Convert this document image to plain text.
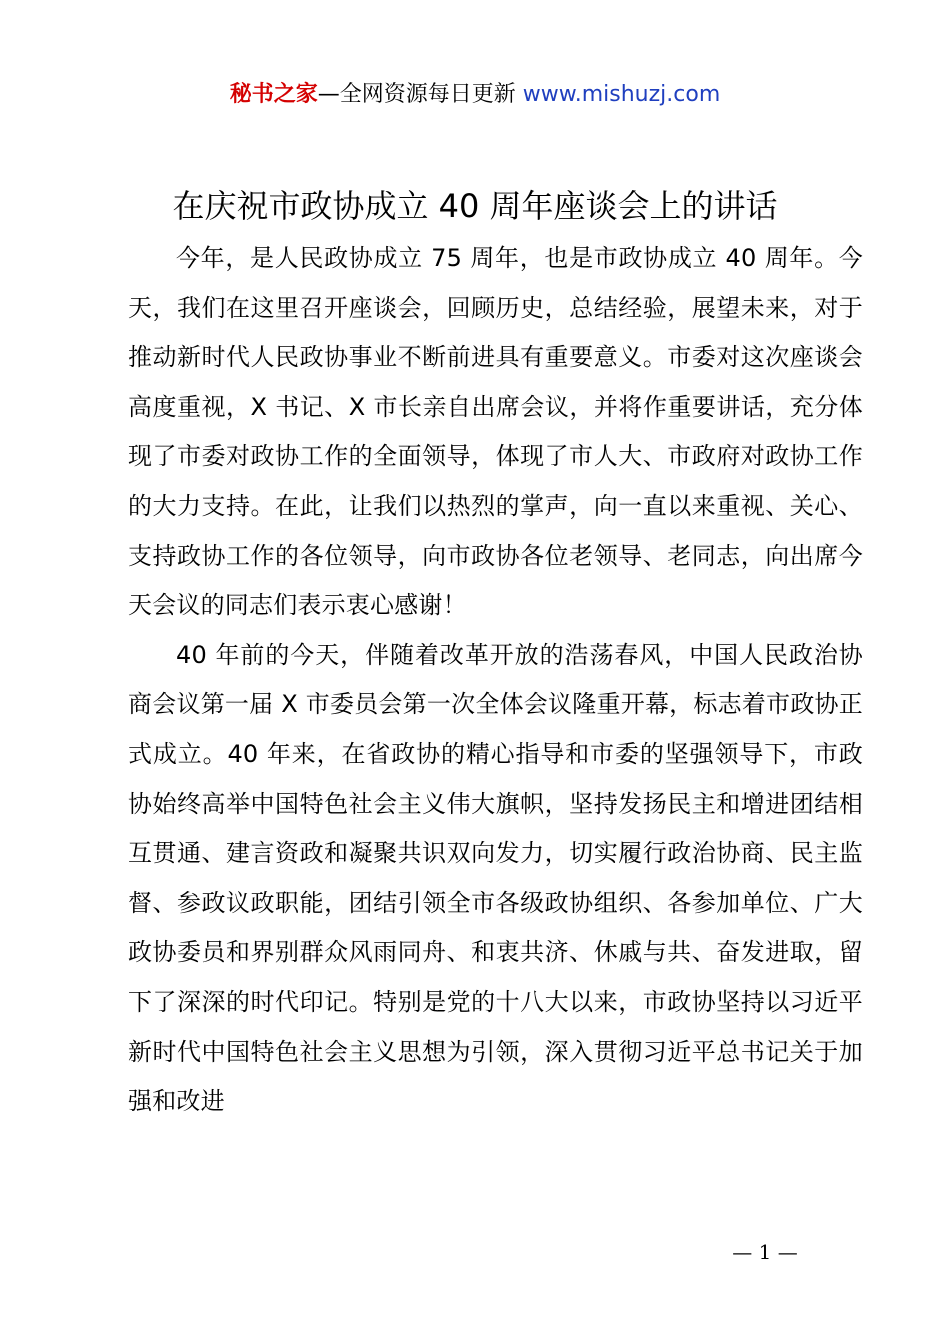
秘书之家—全网资源每日更新 www.mishuzj.com
在庆祝市政协成立 40 周年座谈会上的讲话

今年，是人民政协成立 75 周年，也是市政协成立 40 周年。今天，我们在这里召开座谈会，回顾历史，总结经验，展望未来，对于推动新时代人民政协事业不断前进具有重要意义。市委对这次座谈会高度重视，X 书记、X 市长亲自出席会议，并将作重要讲话，充分体现了市委对政协工作的全面领导，体现了市人大、市政府对政协工作的大力支持。在此，让我们以热烈的掌声，向一直以来重视、关心、支持政协工作的各位领导，向市政协各位老领导、老同志，向出席今天会议的同志们表示衷心感谢！

40 年前的今天，伴随着改革开放的浩荡春风，中国人民政治协商会议第一届 X 市委员会第一次全体会议隆重开幕，标志着市政协正式成立。40 年来，在省政协的精心指导和市委的坚强领导下，市政协始终高举中国特色社会主义伟大旗帜，坚持发扬民主和增进团结相互贯通、建言资政和凝聚共识双向发力，切实履行政治协商、民主监督、参政议政职能，团结引领全市各级政协组织、各参加单位、广大政协委员和界别群众风雨同舟、和衷共济、休戚与共、奋发进取，留下了深深的时代印记。特别是党的十八大以来，市政协坚持以习近平新时代中国特色社会主义思想为引领，深入贯彻习近平总书记关于加强和改进

— 1 —
